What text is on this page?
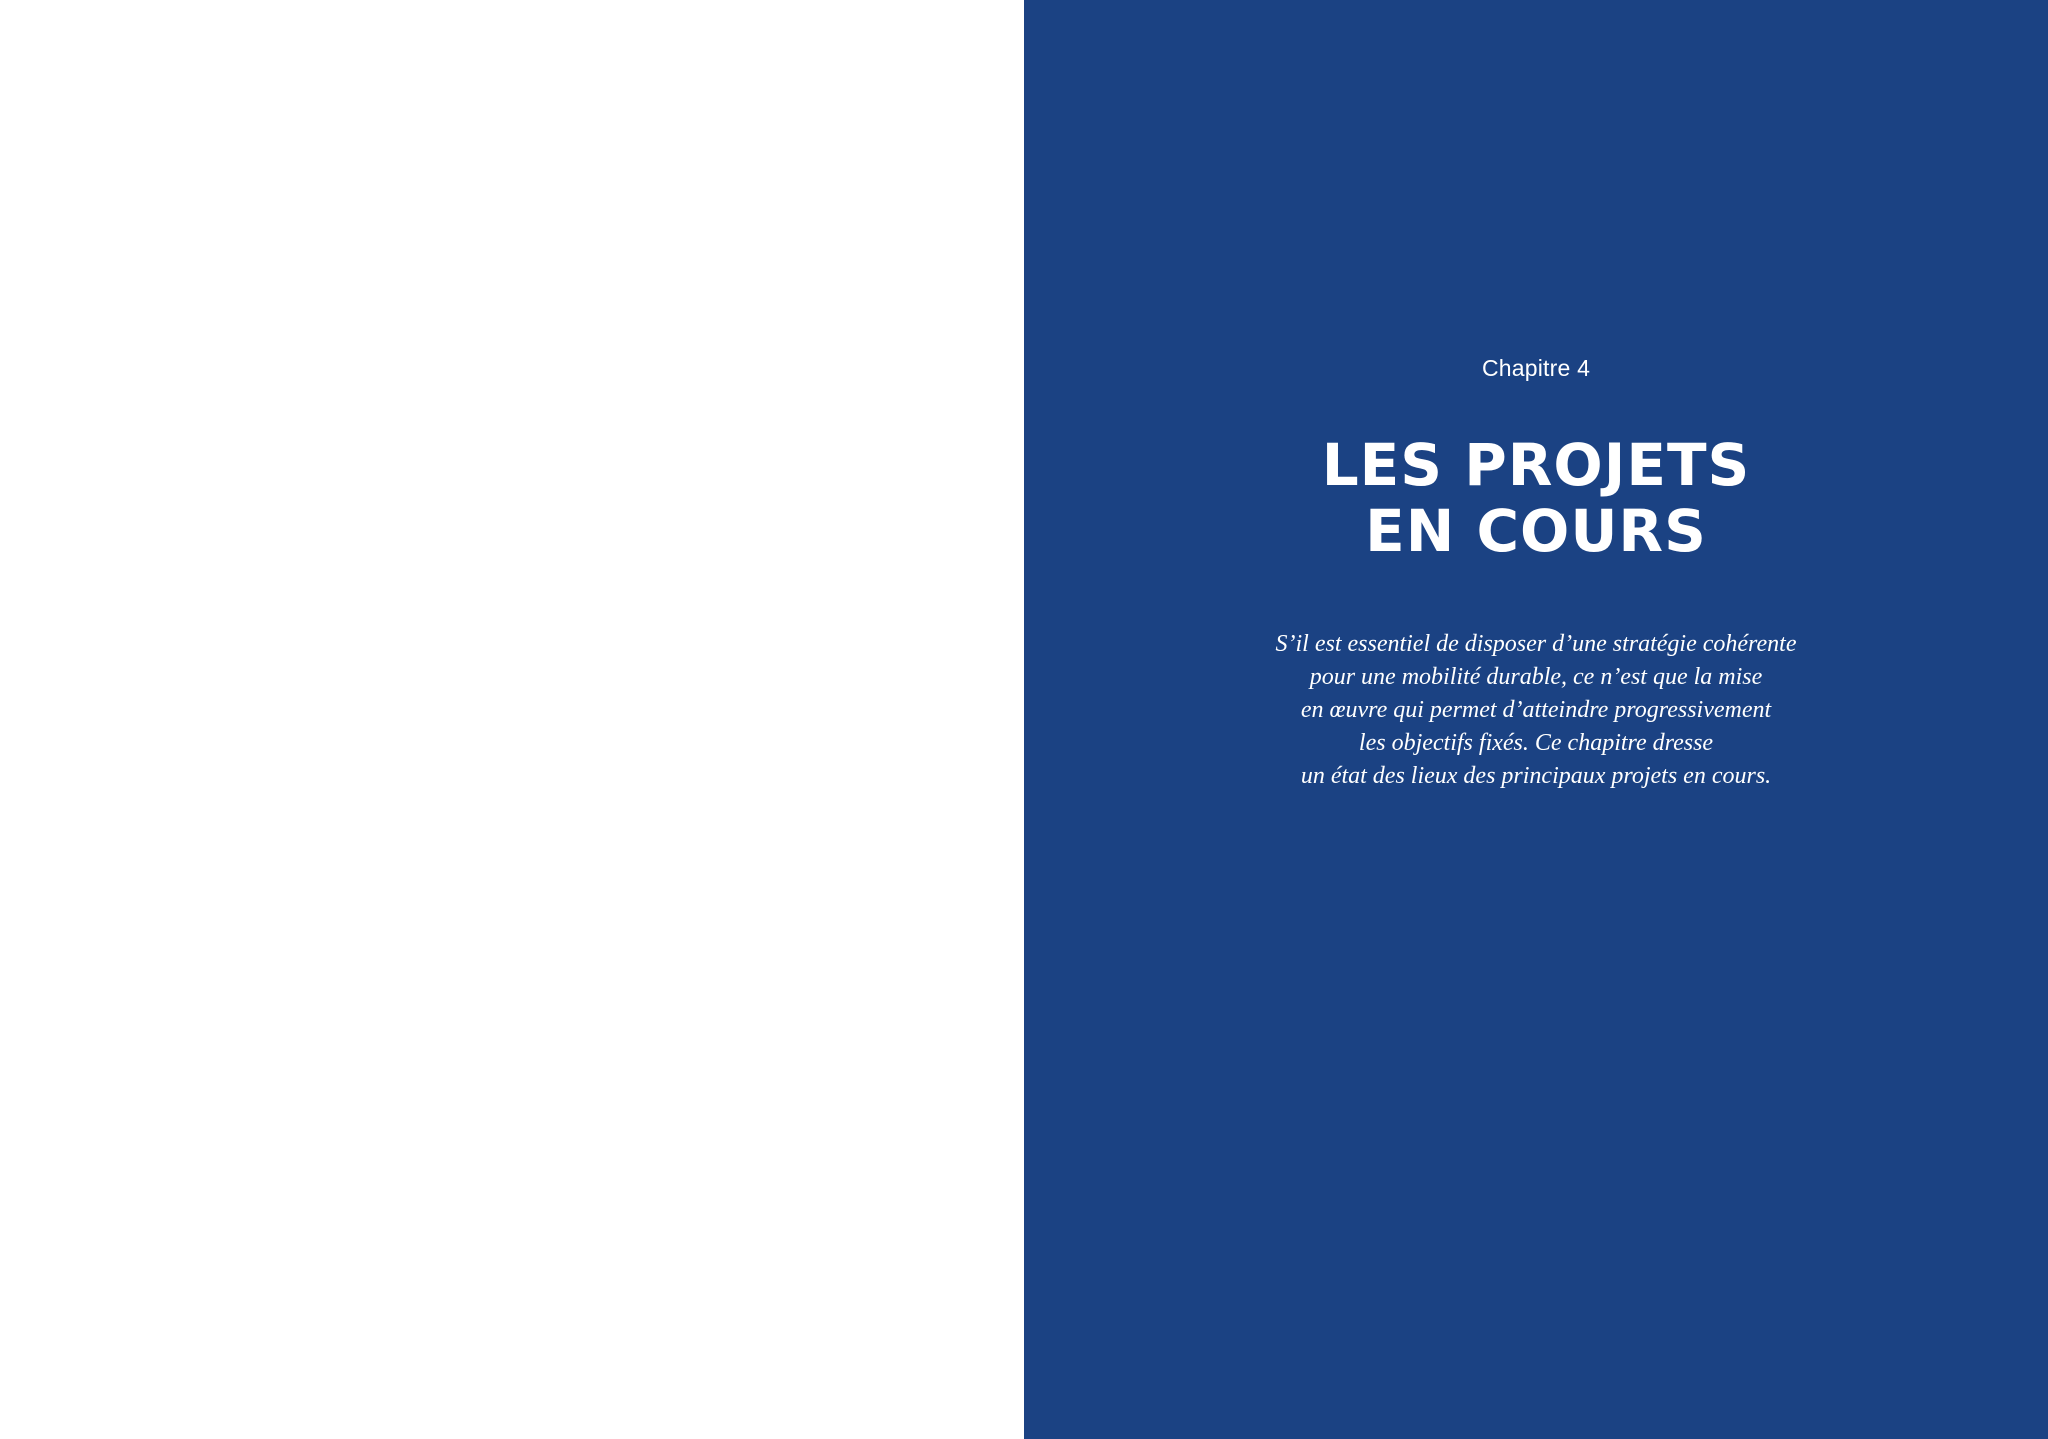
Chapitre 4
LES PROJETS
EN COURS

S’il est essentiel de disposer d’une stratégie cohérente
pour une mobilité durable, ce n’est que la mise
en œuvre qui permet d’atteindre progressivement
les objectifs fixés. Ce chapitre dresse
un état des lieux des principaux projets en cours.
